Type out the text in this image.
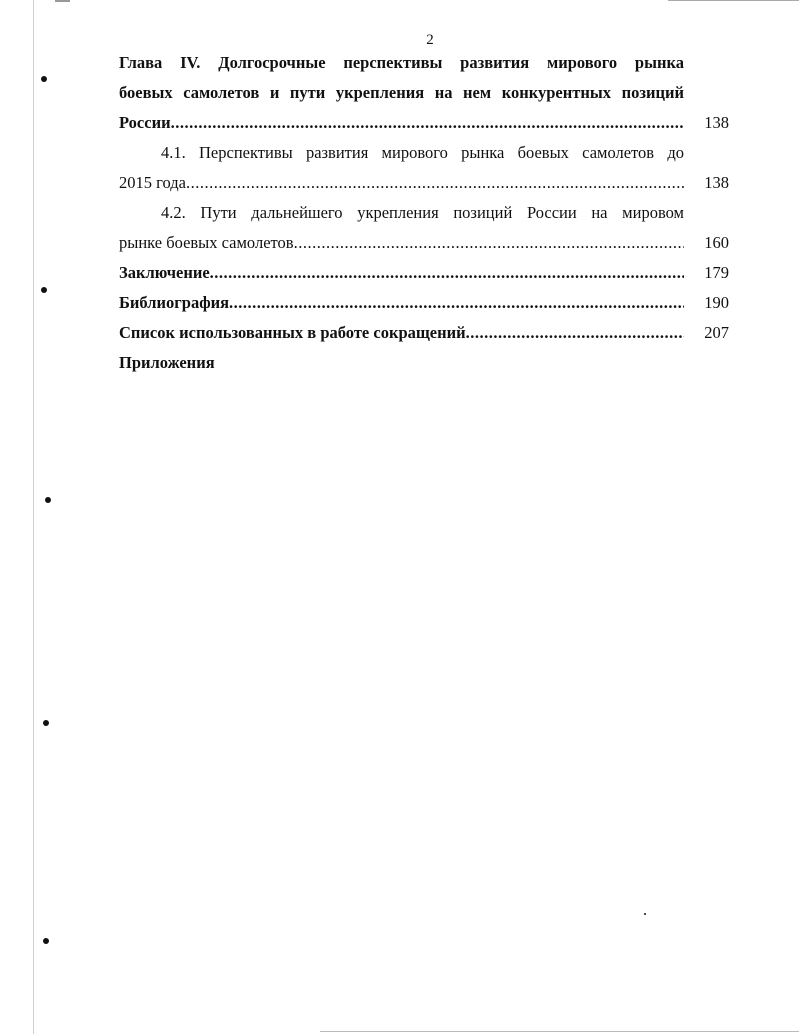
2
Глава IV. Долгосрочные перспективы развития мирового рынка
боевых самолетов и пути укрепления на нем конкурентных позиций
России .....	138
4.1. Перспективы развития мирового рынка боевых самолетов до
2015 года .....	138
4.2. Пути дальнейшего укрепления позиций России на мировом
рынке боевых самолетов .....	160
Заключение .....	179
Библиография .....	190
Список использованных в работе сокращений .....	207
Приложения
